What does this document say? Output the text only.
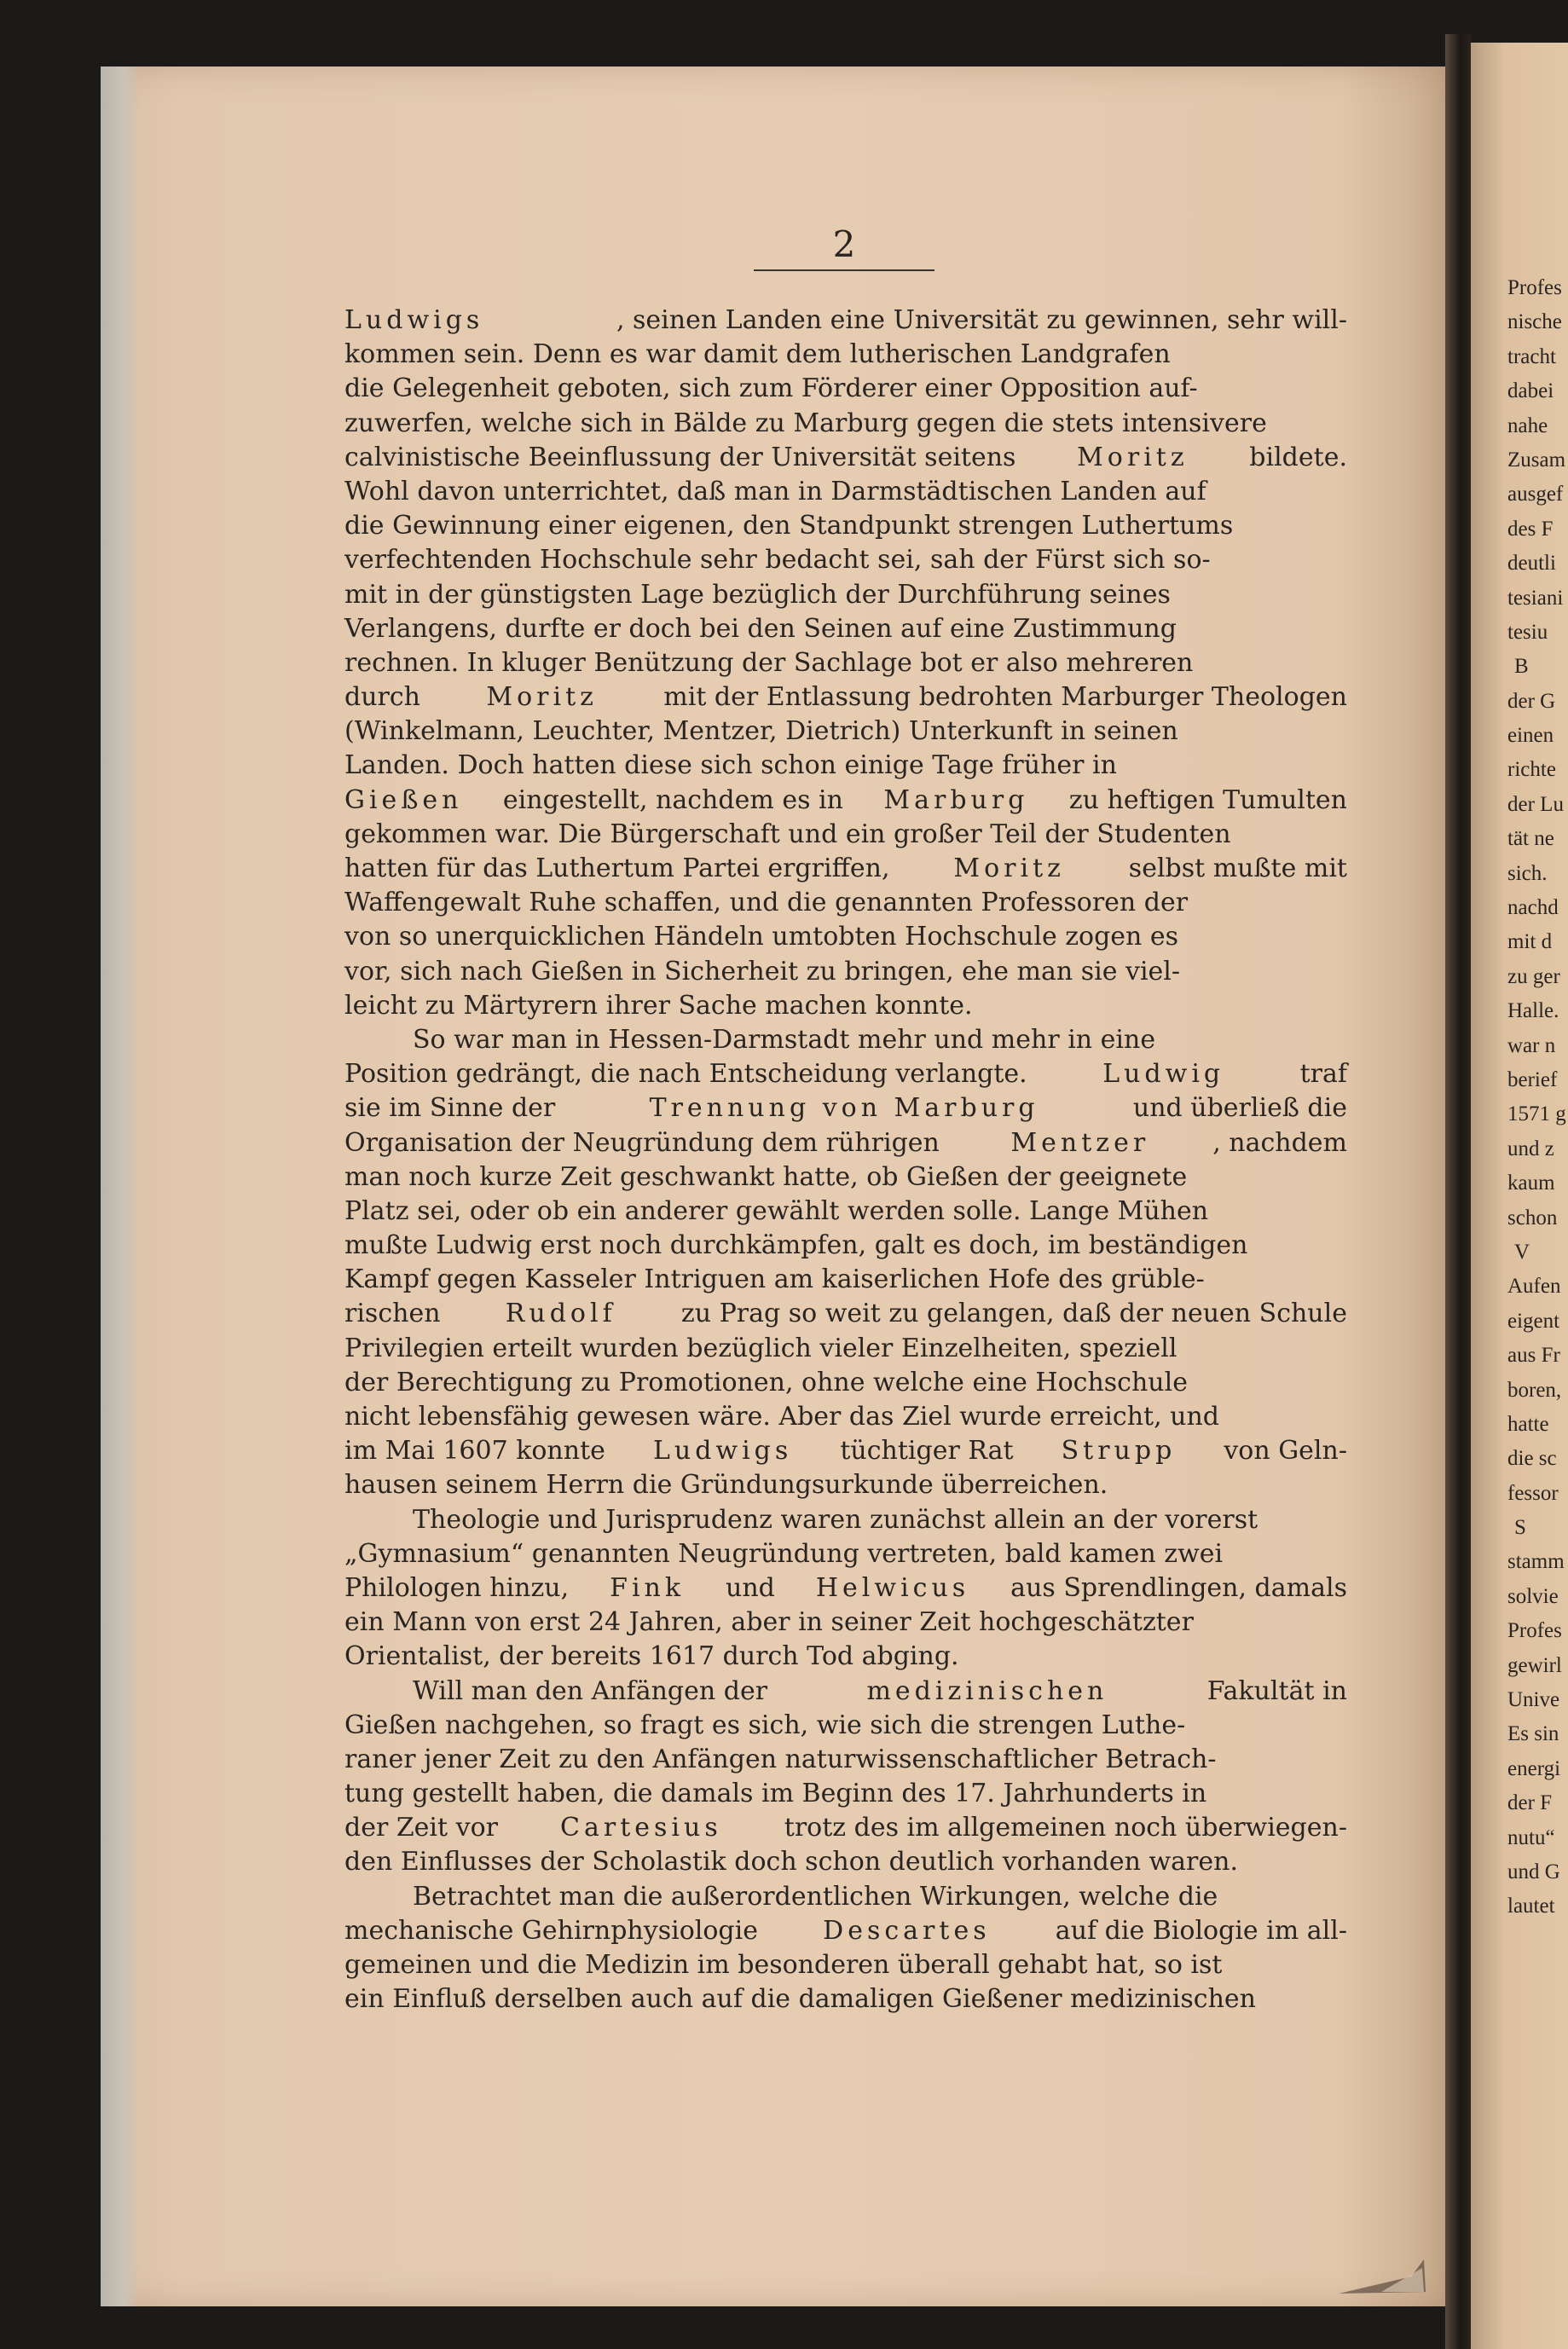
2
Ludwigs	, seinen Landen eine Universität zu gewinnen, sehr will-
kommen sein. Denn es war damit dem lutherischen Landgrafen
die Gelegenheit geboten, sich zum Förderer einer Opposition auf-
zuwerfen, welche sich in Bälde zu Marburg gegen die stets intensivere
calvinistische Beeinflussung der Universität seitens Moritz bildete.
Wohl davon unterrichtet, daß man in Darmstädtischen Landen auf
die Gewinnung einer eigenen, den Standpunkt strengen Luthertums
verfechtenden Hochschule sehr bedacht sei, sah der Fürst sich so-
mit in der günstigsten Lage bezüglich der Durchführung seines
Verlangens, durfte er doch bei den Seinen auf eine Zustimmung
rechnen. In kluger Benützung der Sachlage bot er also mehreren
durch Moritz mit der Entlassung bedrohten Marburger Theologen
(Winkelmann, Leuchter, Mentzer, Dietrich) Unterkunft in seinen
Landen. Doch hatten diese sich schon einige Tage früher in
Gießen eingestellt, nachdem es in Marburg zu heftigen Tumulten
gekommen war. Die Bürgerschaft und ein großer Teil der Studenten
hatten für das Luthertum Partei ergriffen, Moritz selbst mußte mit
Waffengewalt Ruhe schaffen, und die genannten Professoren der
von so unerquicklichen Händeln umtobten Hochschule zogen es
vor, sich nach Gießen in Sicherheit zu bringen, ehe man sie viel-
leicht zu Märtyrern ihrer Sache machen konnte.
So war man in Hessen-Darmstadt mehr und mehr in eine
Position gedrängt, die nach Entscheidung verlangte.	Ludwig	traf
sie im Sinne der	Trennung von Marburg	und überließ die
Organisation der Neugründung dem rührigen Mentzer , nachdem
man noch kurze Zeit geschwankt hatte, ob Gießen der geeignete
Platz sei, oder ob ein anderer gewählt werden solle. Lange Mühen
mußte Ludwig erst noch durchkämpfen, galt es doch, im beständigen
Kampf gegen Kasseler Intriguen am kaiserlichen Hofe des grüble-
rischen Rudolf zu Prag so weit zu gelangen, daß der neuen Schule
Privilegien erteilt wurden bezüglich vieler Einzelheiten, speziell
der Berechtigung zu Promotionen, ohne welche eine Hochschule
nicht lebensfähig gewesen wäre. Aber das Ziel wurde erreicht, und
im Mai 1607 konnte Ludwigs tüchtiger Rat Strupp von Geln-
hausen seinem Herrn die Gründungsurkunde überreichen.
Theologie und Jurisprudenz waren zunächst allein an der vorerst
„Gymnasium“ genannten Neugründung vertreten, bald kamen zwei
Philologen hinzu, Fink und Helwicus aus Sprendlingen, damals
ein Mann von erst 24 Jahren, aber in seiner Zeit hochgeschätzter
Orientalist, der bereits 1617 durch Tod abging.
Will man den Anfängen der	medizinischen	Fakultät in
Gießen nachgehen, so fragt es sich, wie sich die strengen Luthe-
raner jener Zeit zu den Anfängen naturwissenschaftlicher Betrach-
tung gestellt haben, die damals im Beginn des 17. Jahrhunderts in
der Zeit vor Cartesius trotz des im allgemeinen noch überwiegen-
den Einflusses der Scholastik doch schon deutlich vorhanden waren.
Betrachtet man die außerordentlichen Wirkungen, welche die
mechanische Gehirnphysiologie Descartes auf die Biologie im all-
gemeinen und die Medizin im besonderen überall gehabt hat, so ist
ein Einfluß derselben auch auf die damaligen Gießener medizinischen
Profes
nische
tracht
dabei
nahe
Zusam
ausgef
des F
deutli
tesiani
tesiu
B
der G
einen
richte
der Lu
tät ne
sich.
nachd
mit d
zu ger
Halle.
war n
berief
1571 g
und z
kaum
schon
V
Aufen
eigent
aus Fr
boren,
hatte
die sc
fessor
S
stamm
solvie
Profes
gewirl
Unive
Es sin
energi
der F
nutu“
und G
lautet
